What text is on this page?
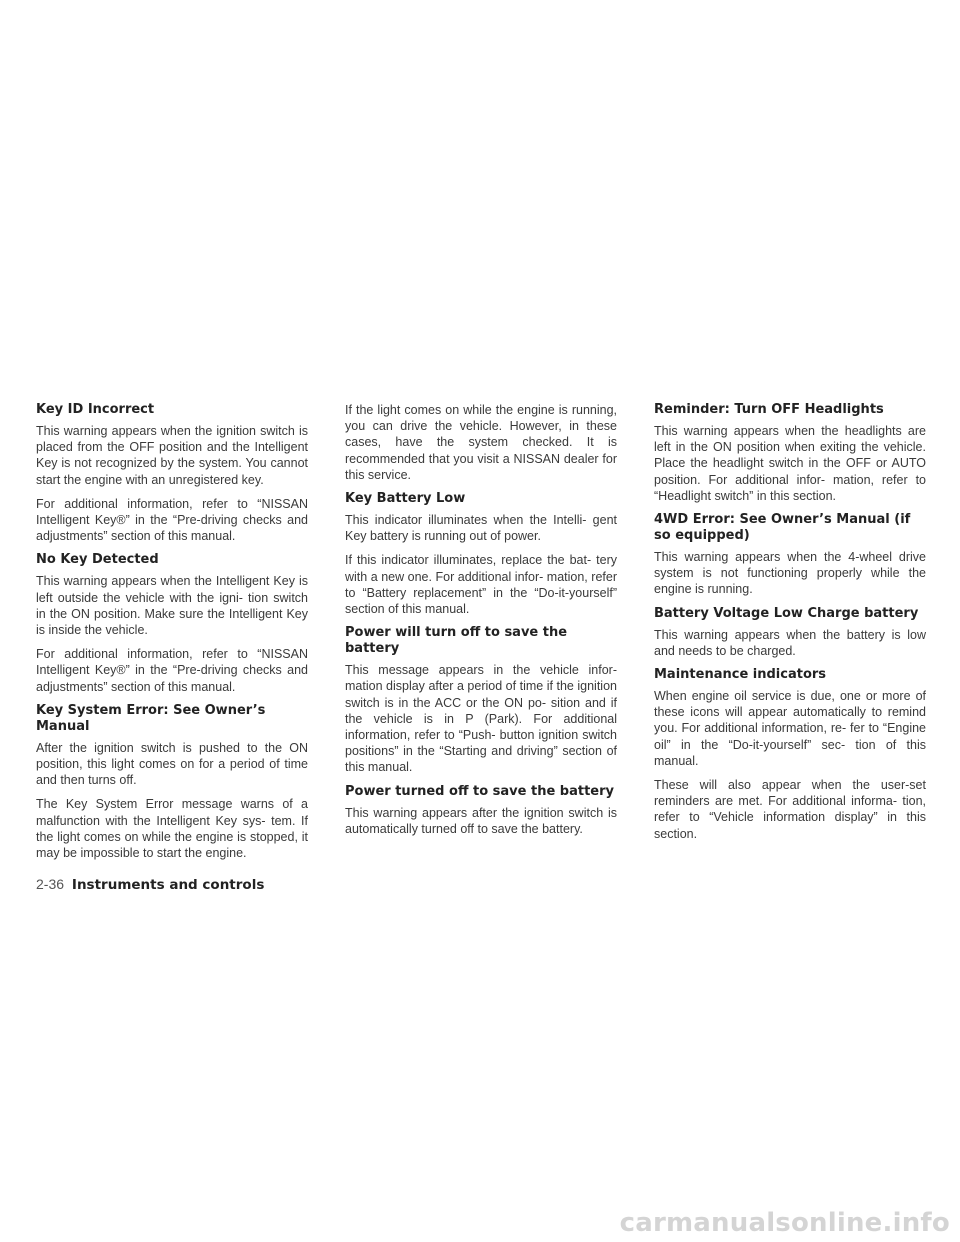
Key ID Incorrect

This warning appears when the ignition switch is placed from the OFF position and the Intelligent Key is not recognized by the system. You cannot start the engine with an unregistered key.

For additional information, refer to “NISSAN Intelligent Key®” in the “Pre-driving checks and adjustments” section of this manual.

No Key Detected

This warning appears when the Intelligent Key is left outside the vehicle with the igni- tion switch in the ON position. Make sure the Intelligent Key is inside the vehicle.

For additional information, refer to “NISSAN Intelligent Key®” in the “Pre-driving checks and adjustments” section of this manual.

Key System Error: See Owner’s Manual

After the ignition switch is pushed to the ON position, this light comes on for a period of time and then turns off.

The Key System Error message warns of a malfunction with the Intelligent Key sys- tem. If the light comes on while the engine is stopped, it may be impossible to start the engine.

If the light comes on while the engine is running, you can drive the vehicle. However, in these cases, have the system checked. It is recommended that you visit a NISSAN dealer for this service.

Key Battery Low

This indicator illuminates when the Intelli- gent Key battery is running out of power.

If this indicator illuminates, replace the bat- tery with a new one. For additional infor- mation, refer to “Battery replacement” in the “Do-it-yourself” section of this manual.

Power will turn off to save the battery

This message appears in the vehicle infor- mation display after a period of time if the ignition switch is in the ACC or the ON po- sition and if the vehicle is in P (Park). For additional information, refer to “Push- button ignition switch positions” in the “Starting and driving” section of this manual.

Power turned off to save the battery

This warning appears after the ignition switch is automatically turned off to save the battery.

Reminder: Turn OFF Headlights

This warning appears when the headlights are left in the ON position when exiting the vehicle. Place the headlight switch in the OFF or AUTO position. For additional infor- mation, refer to “Headlight switch” in this section.

4WD Error: See Owner’s Manual (if so equipped)

This warning appears when the 4-wheel drive system is not functioning properly while the engine is running.

Battery Voltage Low Charge battery

This warning appears when the battery is low and needs to be charged.

Maintenance indicators

When engine oil service is due, one or more of these icons will appear automatically to remind you. For additional information, re- fer to “Engine oil” in the “Do-it-yourself” sec- tion of this manual.

These will also appear when the user-set reminders are met. For additional informa- tion, refer to “Vehicle information display” in this section.

2-36 Instruments and controls
carmanualsonline.info
